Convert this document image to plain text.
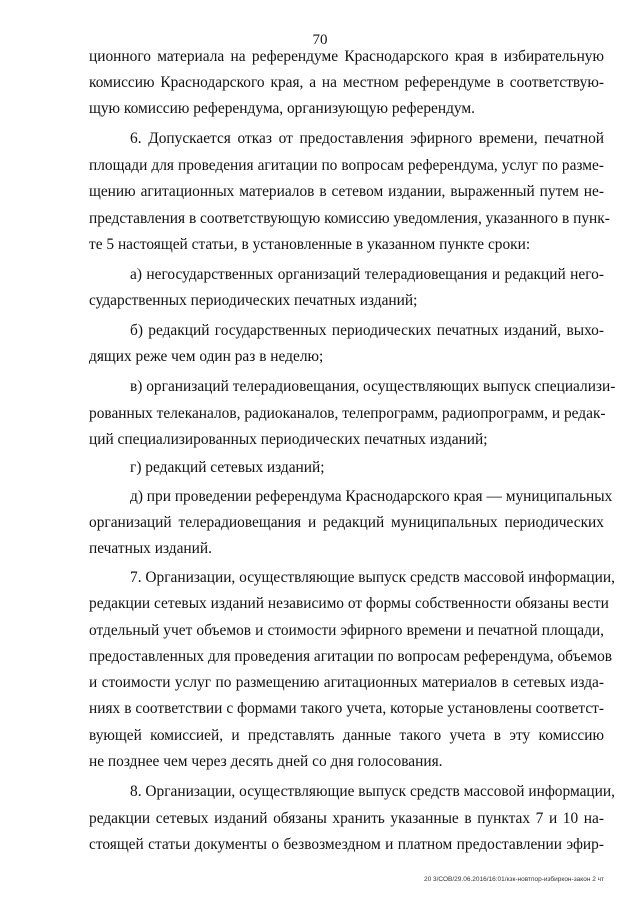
70
ционного материала на референдуме Краснодарского края в избирательную
комиссию Краснодарского края, а на местном референдуме в соответствую-
щую комиссию референдума, организующую референдум.
6. Допускается отказ от предоставления эфирного времени, печатной
площади для проведения агитации по вопросам референдума, услуг по разме-
щению агитационных материалов в сетевом издании, выраженный путем не-
представления в соответствующую комиссию уведомления, указанного в пунк-
те 5 настоящей статьи, в установленные в указанном пункте сроки:
а) негосударственных организаций телерадиовещания и редакций него-
сударственных периодических печатных изданий;
б) редакций государственных периодических печатных изданий, выхо-
дящих реже чем один раз в неделю;
в) организаций телерадиовещания, осуществляющих выпуск специализи-
рованных телеканалов, радиоканалов, телепрограмм, радиопрограмм, и редак-
ций специализированных периодических печатных изданий;
г) редакций сетевых изданий;
д) при проведении референдума Краснодарского края — муниципальных
организаций телерадиовещания и редакций муниципальных периодических
печатных изданий.
7. Организации, осуществляющие выпуск средств массовой информации,
редакции сетевых изданий независимо от формы собственности обязаны вести
отдельный учет объемов и стоимости эфирного времени и печатной площади,
предоставленных для проведения агитации по вопросам референдума, объемов
и стоимости услуг по размещению агитационных материалов в сетевых изда-
ниях в соответствии с формами такого учета, которые установлены соответст-
вующей комиссией, и представлять данные такого учета в эту комиссию
не позднее чем через десять дней со дня голосования.
8. Организации, осуществляющие выпуск средств массовой информации,
редакции сетевых изданий обязаны хранить указанные в пунктах 7 и 10 на-
стоящей статьи документы о безвозмездном и платном предоставлении эфир-
20 3/СОВ/29.06.2016/16:01/кзк-новтпор-избиркон-закон 2 чт
